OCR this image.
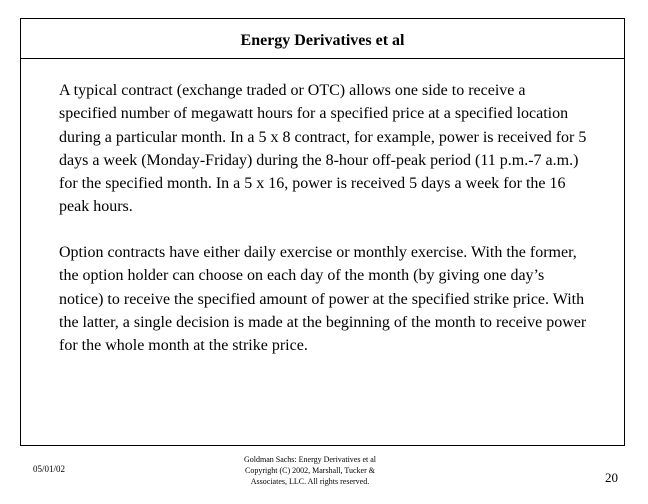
Energy Derivatives et al

A typical contract (exchange traded or OTC) allows one side to receive a specified number of megawatt hours for a specified price at a specified location during a particular month. In a 5 x 8 contract, for example, power is received for 5 days a week (Monday-Friday) during the 8-hour off-peak period (11 p.m.-7 a.m.) for the specified month. In a 5 x 16, power is received 5 days a week for the 16 peak hours.

Option contracts have either daily exercise or monthly exercise. With the former, the option holder can choose on each day of the month (by giving one day’s notice) to receive the specified amount of power at the specified strike price. With the latter, a single decision is made at the beginning of the month to receive power for the whole month at the strike price.

05/01/02
Goldman Sachs: Energy Derivatives et al
Copyright (C) 2002, Marshall, Tucker &
Associates, LLC. All rights reserved.	20
